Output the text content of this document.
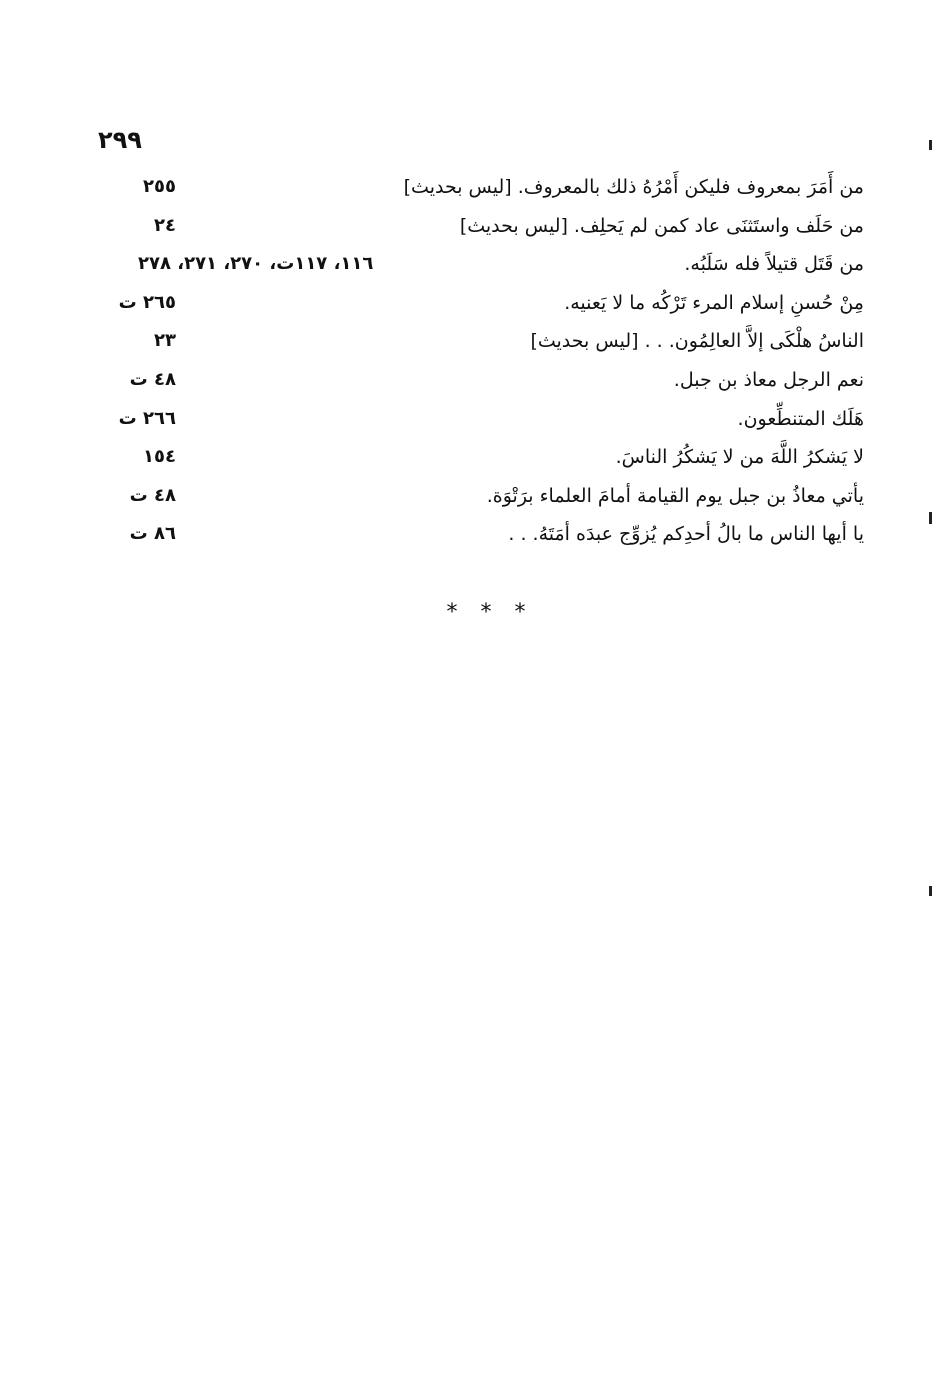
٢٩٩
من أَمَرَ بمعروف فليكن أَمْرُهُ ذلك بالمعروف. [ليس بحديث]
٢٥٥
من حَلَف واستَثنَى عاد كمن لم يَحلِف. [ليس بحديث]
٢٤
من قَتَل قتيلاً فله سَلَبُه.
١١٦، ١١٧ت، ٢٧٠، ٢٧١، ٢٧٨
مِنْ حُسنِ إسلام المرء تَرْكُه ما لا يَعنيه.
٢٦٥ ت
الناسُ هلْكَى إلاَّ العالِمُون. . . [ليس بحديث]
٢٣
نعم الرجل معاذ بن جبل.
٤٨ ت
هَلَك المتنطِّعون.
٢٦٦ ت
لا يَشكرُ اللَّهَ من لا يَشكُرُ الناسَ.
١٥٤
يأتي معاذُ بن جبل يوم القيامة أمامَ العلماء برَتْوَة.
٤٨ ت
يا أيها الناس ما بالُ أحدِكم يُزوِّج عبدَه أمَتَهُ. . .
٨٦ ت
* * *
